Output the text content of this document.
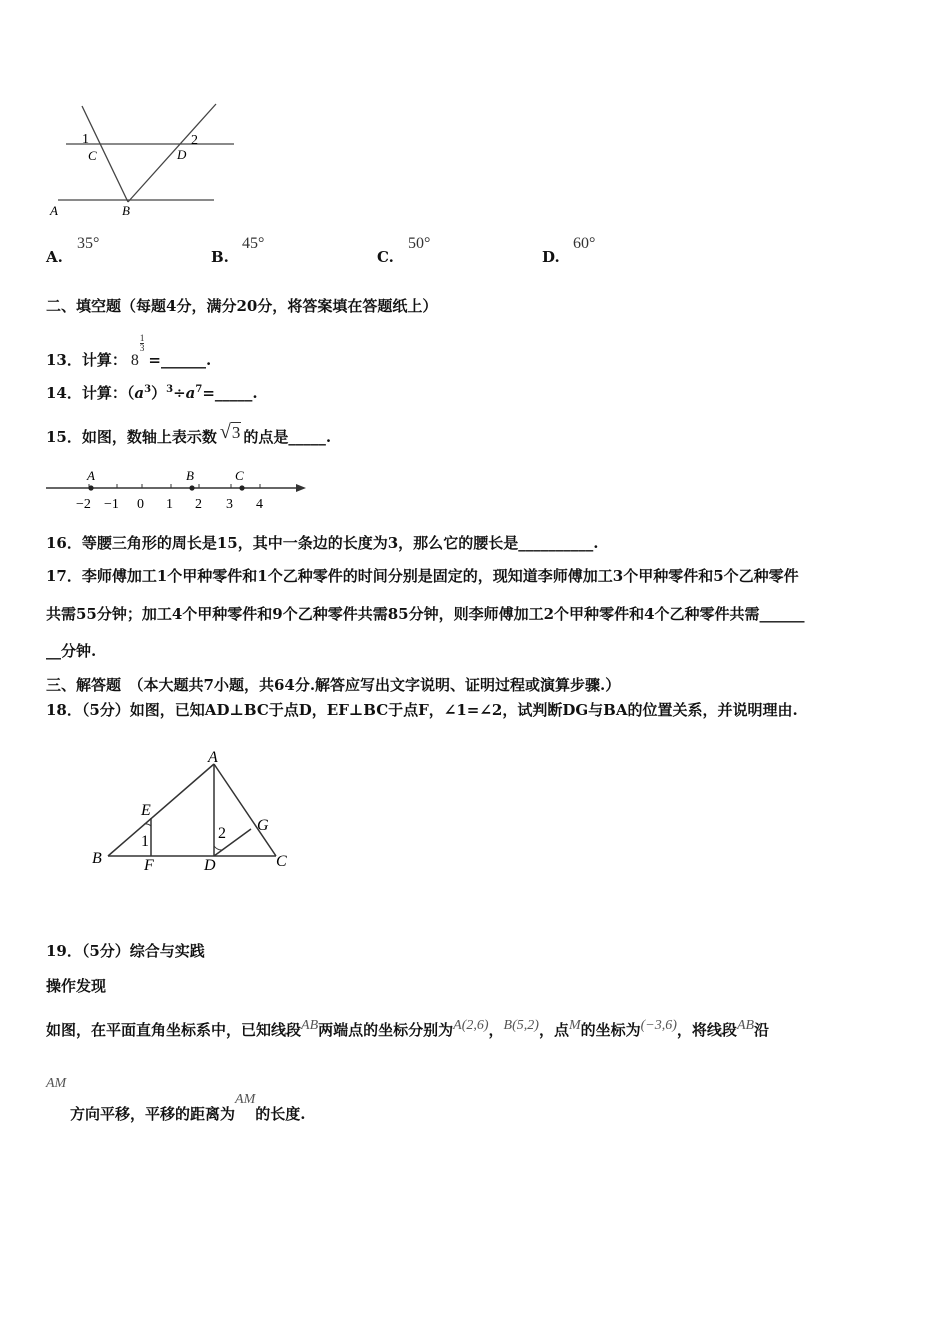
1	2
C	D
A	B
A.
35°
B.
45°
C.
50°
D.
60°
二、填空题（每题4分，满分20分，将答案填在答题纸上）
13．计算： 8
$\frac{1}{3}$
=______.
14．计算：$(a^3)^3\div a^7=\_\_\_\_\_$.
15．如图，数轴上表示数 √3 的点是_____.
A	B	C
−2 −1 0 1 2 3 4
16．等腰三角形的周长是15，其中一条边的长度为3，那么它的腰长是__________.
17．李师傅加工1个甲种零件和1个乙种零件的时间分别是固定的，现知道李师傅加工3个甲种零件和5个乙种零件
共需55分钟；加工4个甲种零件和9个乙种零件共需85分钟，则李师傅加工2个甲种零件和4个乙种零件共需______
__分钟.
三、解答题　（本大题共7小题，共64分.解答应写出文字说明、证明过程或演算步骤.）
18．（5分）如图，已知AD⊥BC于点D，EF⊥BC于点F，∠1=∠2，试判断DG与BA的位置关系，并说明理由.
A
B	C
D
E
F
G
1	2
19．（5分）综合与实践
操作发现
如图，在平面直角坐标系中，已知线段AB两端点的坐标分别为A(2,6)，B(5,2)，点M的坐标为(−3,6)，将线段AB沿
AM
方向平移，平移的距离为AM的长度.
